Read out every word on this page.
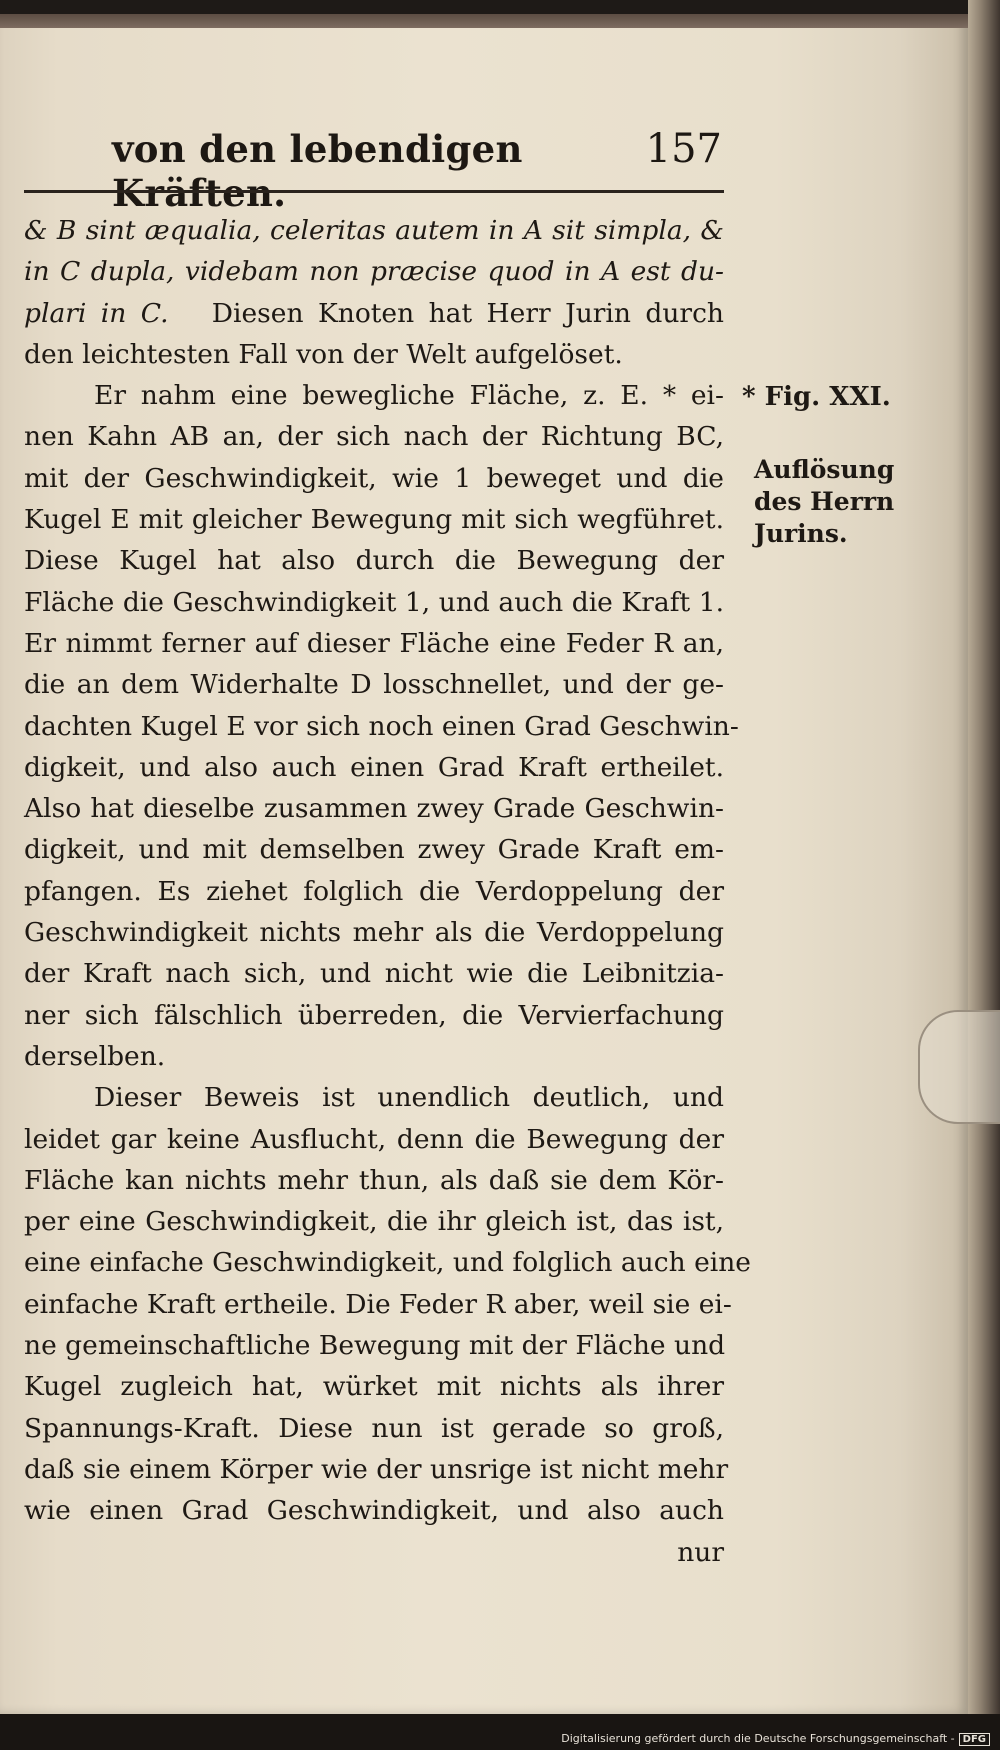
von den lebendigen Kräften.
157
& B sint æqualia, celeritas autem in A sit simpla, &
in C dupla, videbam non præcise quod in A est du-
plari in C. Diesen Knoten hat Herr Jurin durch
den leichtesten Fall von der Welt aufgelöset.
Er nahm eine bewegliche Fläche, z. E. * ei-
nen Kahn AB an, der sich nach der Richtung BC,
mit der Geschwindigkeit, wie 1 beweget und die
Kugel E mit gleicher Bewegung mit sich wegführet.
Diese Kugel hat also durch die Bewegung der
Fläche die Geschwindigkeit 1, und auch die Kraft 1.
Er nimmt ferner auf dieser Fläche eine Feder R an,
die an dem Widerhalte D losschnellet, und der ge-
dachten Kugel E vor sich noch einen Grad Geschwin-
digkeit, und also auch einen Grad Kraft ertheilet.
Also hat dieselbe zusammen zwey Grade Geschwin-
digkeit, und mit demselben zwey Grade Kraft em-
pfangen. Es ziehet folglich die Verdoppelung der
Geschwindigkeit nichts mehr als die Verdoppelung
der Kraft nach sich, und nicht wie die Leibnitzia-
ner sich fälschlich überreden, die Vervierfachung
derselben.
Dieser Beweis ist unendlich deutlich, und
leidet gar keine Ausflucht, denn die Bewegung der
Fläche kan nichts mehr thun, als daß sie dem Kör-
per eine Geschwindigkeit, die ihr gleich ist, das ist,
eine einfache Geschwindigkeit, und folglich auch eine
einfache Kraft ertheile. Die Feder R aber, weil sie ei-
ne gemeinschaftliche Bewegung mit der Fläche und
Kugel zugleich hat, würket mit nichts als ihrer
Spannungs-Kraft. Diese nun ist gerade so groß,
daß sie einem Körper wie der unsrige ist nicht mehr
wie einen Grad Geschwindigkeit, und also auch
nur
* Fig. XXI.
Auflösung
des Herrn
Jurins.
Digitalisierung gefördert durch die Deutsche Forschungsgemeinschaft - DFG
